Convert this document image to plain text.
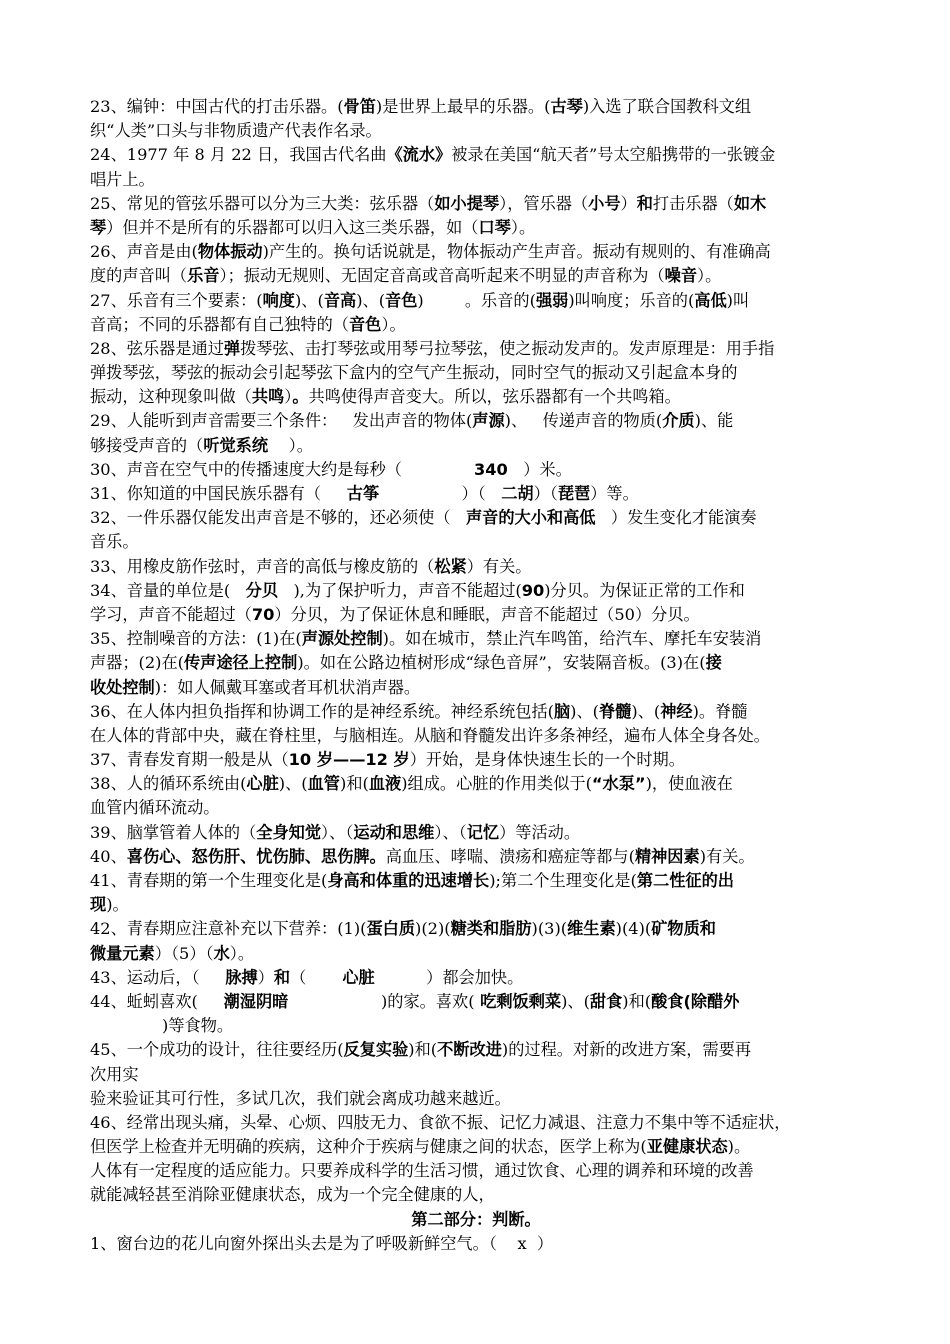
23、编钟：中国古代的打击乐器。(骨笛)是世界上最早的乐器。(古琴)入选了联合国教科文组
织“人类”口头与非物质遗产代表作名录。
24、1977 年 8 月 22 日，我国古代名曲《流水》被录在美国“航天者”号太空船携带的一张镀金
唱片上。
25、常见的管弦乐器可以分为三大类：弦乐器（如小提琴），管乐器（小号）和打击乐器（如木
琴）但并不是所有的乐器都可以归入这三类乐器，如（口琴）。
26、声音是由(物体振动)产生的。换句话说就是，物体振动产生声音。振动有规则的、有准确高
度的声音叫（乐音）；振动无规则、无固定音高或音高听起来不明显的声音称为（噪音）。
27、乐音有三个要素：(响度)、(音高)、(音色)        。乐音的(强弱)叫响度；乐音的(高低)叫
音高；不同的乐器都有自己独特的（音色）。
28、弦乐器是通过弹拨琴弦、击打琴弦或用琴弓拉琴弦，使之振动发声的。发声原理是：用手指
弹拨琴弦，琴弦的振动会引起琴弦下盒内的空气产生振动，同时空气的振动又引起盒本身的
振动，这种现象叫做（共鸣）。共鸣使得声音变大。所以，弦乐器都有一个共鸣箱。
29、人能听到声音需要三个条件：   发出声音的物体(声源)、   传递声音的物质(介质)、能
够接受声音的（听觉系统    ）。
30、声音在空气中的传播速度大约是每秒（              340   ）米。
31、你知道的中国民族乐器有（     古筝                ）（   二胡）（琵琶）等。
32、一件乐器仅能发出声音是不够的，还必须使（   声音的大小和高低   ）发生变化才能演奏
音乐。
33、用橡皮筋作弦时，声音的高低与橡皮筋的（松紧）有关。
34、音量的单位是(   分贝   ),为了保护听力，声音不能超过(90)分贝。为保证正常的工作和
学习，声音不能超过（70）分贝，为了保证休息和睡眠，声音不能超过（50）分贝。
35、控制噪音的方法：(1)在(声源处控制)。如在城市，禁止汽车鸣笛，给汽车、摩托车安装消
声器；(2)在(传声途径上控制)。如在公路边植树形成“绿色音屏”，安装隔音板。(3)在(接
收处控制)：如人佩戴耳塞或者耳机状消声器。
36、在人体内担负指挥和协调工作的是神经系统。神经系统包括(脑)、(脊髓)、(神经)。脊髓
在人体的背部中央，藏在脊柱里，与脑相连。从脑和脊髓发出许多条神经，遍布人体全身各处。
37、青春发育期一般是从（10 岁——12 岁）开始，是身体快速生长的一个时期。
38、人的循环系统由(心脏)、(血管)和(血液)组成。心脏的作用类似于(“水泵”)，使血液在
血管内循环流动。
39、脑掌管着人体的（全身知觉）、（运动和思维）、（记忆）等活动。
40、喜伤心、怒伤肝、忧伤肺、思伤脾。高血压、哮喘、溃疡和癌症等都与(精神因素)有关。
41、青春期的第一个生理变化是(身高和体重的迅速增长);第二个生理变化是(第二性征的出
现)。
42、青春期应注意补充以下营养：(1)(蛋白质)(2)(糖类和脂肪)(3)(维生素)(4)(矿物质和
微量元素）（5）（水）。
43、运动后，（     脉搏）和（       心脏          ）都会加快。
44、蚯蚓喜欢(     潮湿阴暗                  )的家。喜欢( 吃剩饭剩菜)、(甜食)和(酸食(除醋外
)等食物。
45、一个成功的设计，往往要经历(反复实验)和(不断改进)的过程。对新的改进方案，需要再
次用实
验来验证其可行性，多试几次，我们就会离成功越来越近。
46、经常出现头痛，头晕、心烦、四肢无力、食欲不振、记忆力减退、注意力不集中等不适症状，
但医学上检查并无明确的疾病，这种介于疾病与健康之间的状态，医学上称为(亚健康状态)。
人体有一定程度的适应能力。只要养成科学的生活习惯，通过饮食、心理的调养和环境的改善
就能减轻甚至消除亚健康状态，成为一个完全健康的人，
第二部分：判断。
1、窗台边的花儿向窗外探出头去是为了呼吸新鲜空气。（    x  ）
